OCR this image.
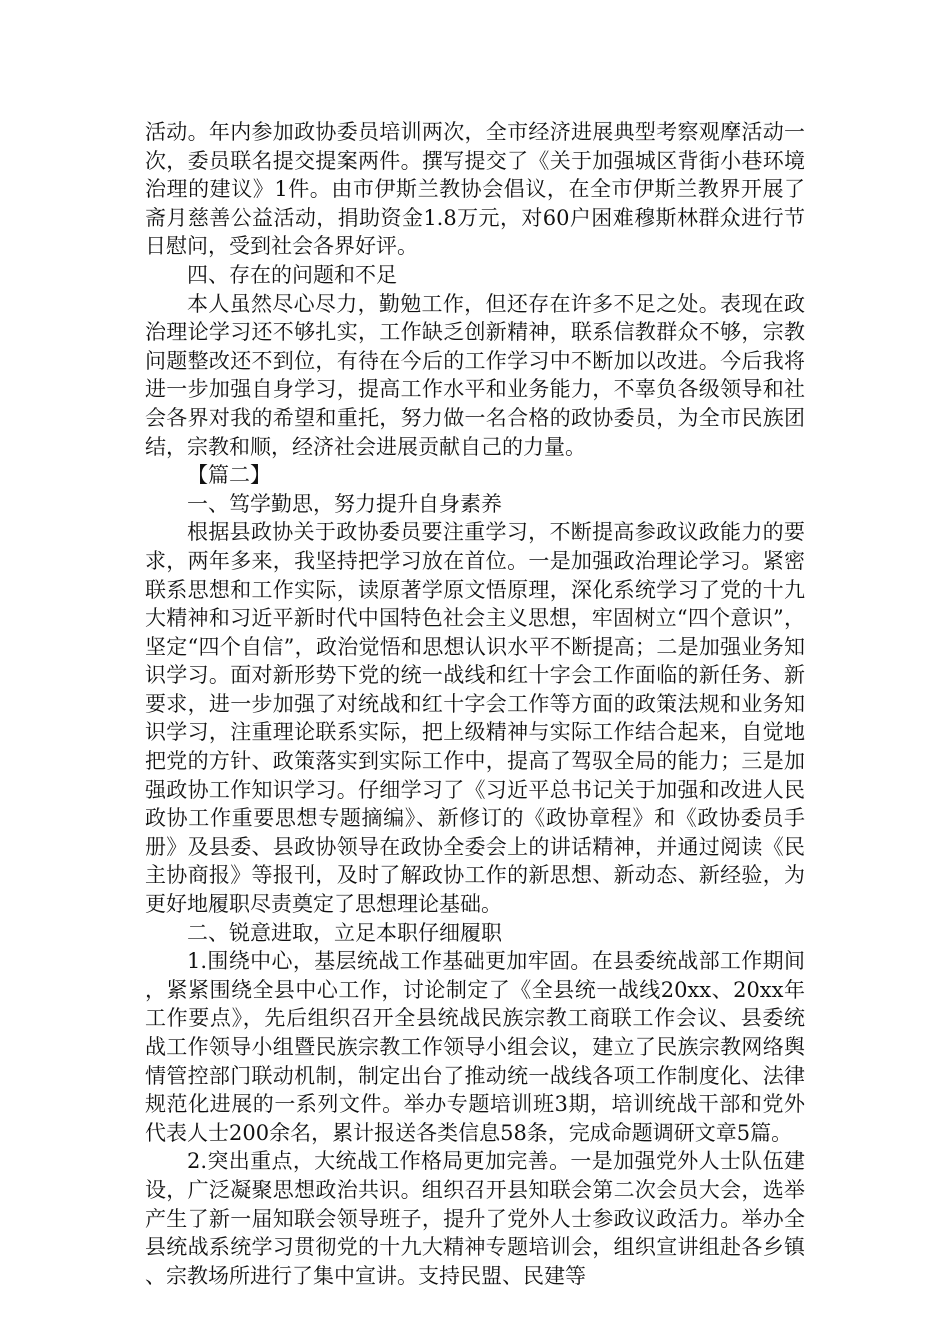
活动。年内参加政协委员培训两次，全市经济进展典型考察观摩活动一次，委员联名提交提案两件。撰写提交了《关于加强城区背街小巷环境治理的建议》1件。由市伊斯兰教协会倡议，在全市伊斯兰教界开展了斋月慈善公益活动，捐助资金1.8万元，对60户困难穆斯林群众进行节日慰问，受到社会各界好评。

四、存在的问题和不足

本人虽然尽心尽力，勤勉工作，但还存在许多不足之处。表现在政治理论学习还不够扎实，工作缺乏创新精神，联系信教群众不够，宗教问题整改还不到位，有待在今后的工作学习中不断加以改进。今后我将进一步加强自身学习，提高工作水平和业务能力，不辜负各级领导和社会各界对我的希望和重托，努力做一名合格的政协委员，为全市民族团结，宗教和顺，经济社会进展贡献自己的力量。

【篇二】

一、笃学勤思，努力提升自身素养

根据县政协关于政协委员要注重学习，不断提高参政议政能力的要求，两年多来，我坚持把学习放在首位。一是加强政治理论学习。紧密联系思想和工作实际，读原著学原文悟原理，深化系统学习了党的十九大精神和习近平新时代中国特色社会主义思想，牢固树立“四个意识”，坚定“四个自信”，政治觉悟和思想认识水平不断提高；二是加强业务知识学习。面对新形势下党的统一战线和红十字会工作面临的新任务、新要求，进一步加强了对统战和红十字会工作等方面的政策法规和业务知识学习，注重理论联系实际，把上级精神与实际工作结合起来，自觉地把党的方针、政策落实到实际工作中，提高了驾驭全局的能力；三是加强政协工作知识学习。仔细学习了《习近平总书记关于加强和改进人民政协工作重要思想专题摘编》、新修订的《政协章程》和《政协委员手册》及县委、县政协领导在政协全委会上的讲话精神，并通过阅读《民主协商报》等报刊，及时了解政协工作的新思想、新动态、新经验，为更好地履职尽责奠定了思想理论基础。

二、锐意进取，立足本职仔细履职

1.围绕中心，基层统战工作基础更加牢固。在县委统战部工作期间，紧紧围绕全县中心工作，讨论制定了《全县统一战线20xx、20xx年工作要点》，先后组织召开全县统战民族宗教工商联工作会议、县委统战工作领导小组暨民族宗教工作领导小组会议，建立了民族宗教网络舆情管控部门联动机制，制定出台了推动统一战线各项工作制度化、法律规范化进展的一系列文件。举办专题培训班3期，培训统战干部和党外代表人士200余名，累计报送各类信息58条，完成命题调研文章5篇。

2.突出重点，大统战工作格局更加完善。一是加强党外人士队伍建设，广泛凝聚思想政治共识。组织召开县知联会第二次会员大会，选举产生了新一届知联会领导班子，提升了党外人士参政议政活力。举办全县统战系统学习贯彻党的十九大精神专题培训会，组织宣讲组赴各乡镇、宗教场所进行了集中宣讲。支持民盟、民建等
